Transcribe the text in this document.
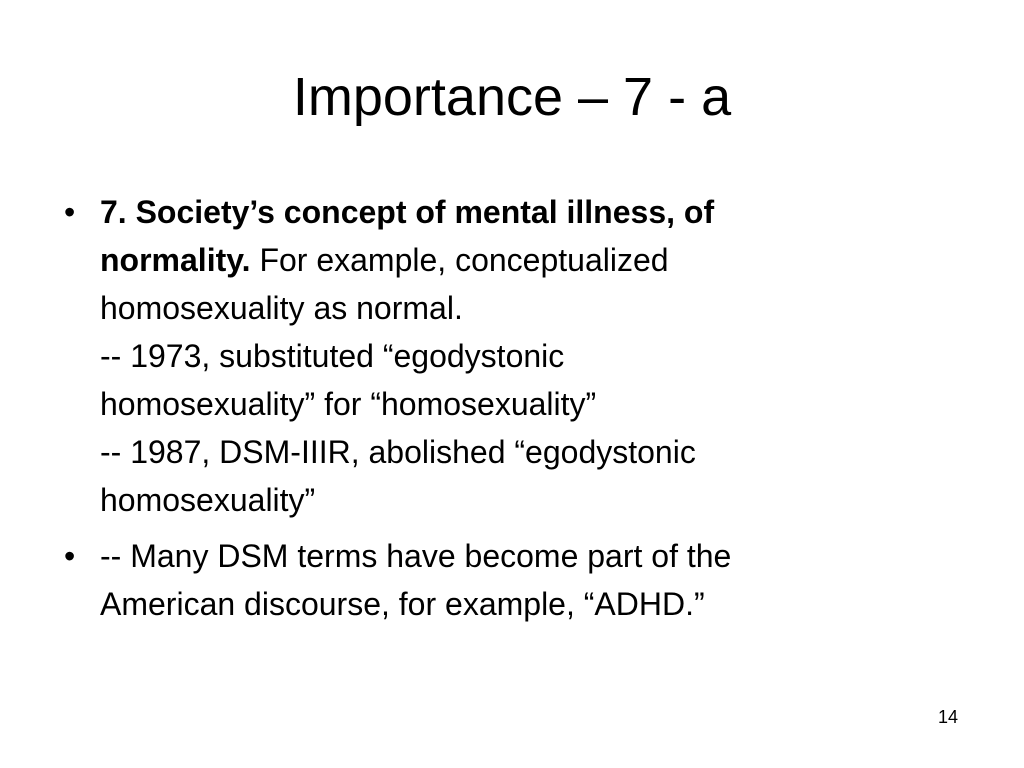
Importance – 7 - a
• 7. Society’s concept of mental illness, of
normality. For example, conceptualized
homosexuality as normal.
-- 1973, substituted “egodystonic
homosexuality” for “homosexuality”
-- 1987, DSM-IIIR, abolished “egodystonic
homosexuality”
• -- Many DSM terms have become part of the
American discourse, for example, “ADHD.”
14
